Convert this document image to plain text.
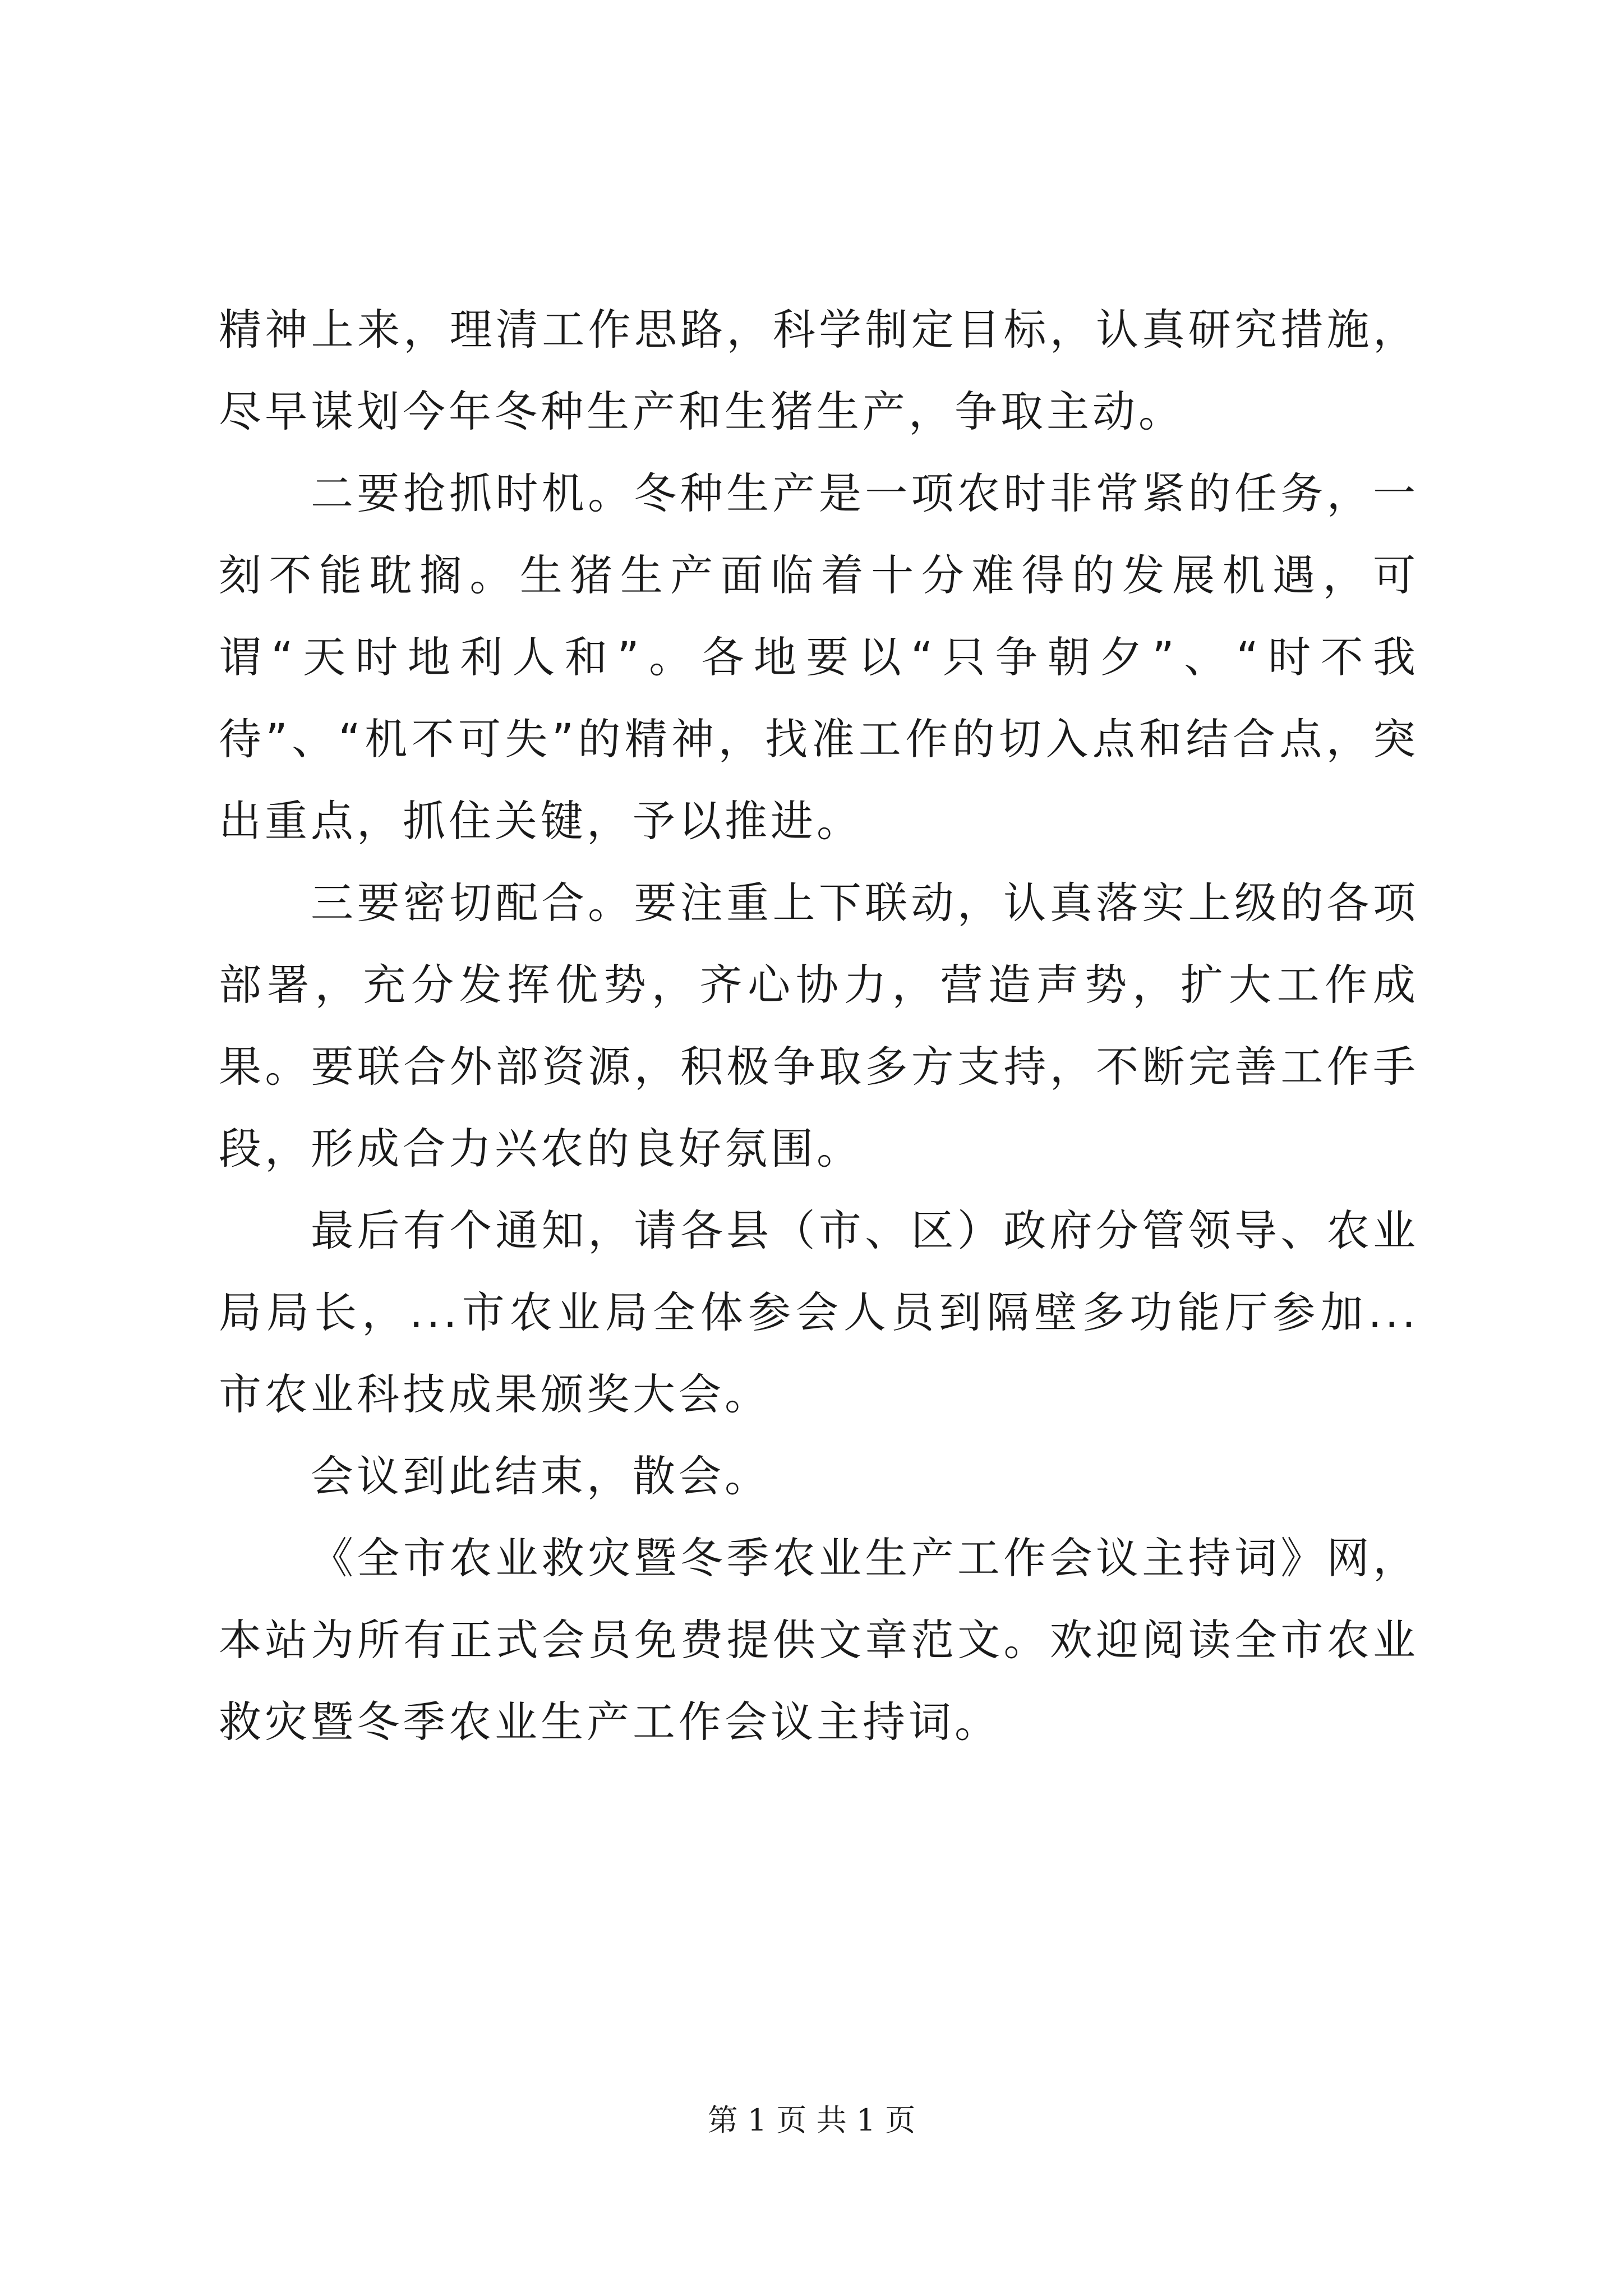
精神上来，理清工作思路，科学制定目标，认真研究措施，尽早谋划今年冬种生产和生猪生产，争取主动。

二要抢抓时机。冬种生产是一项农时非常紧的任务，一刻不能耽搁。生猪生产面临着十分难得的发展机遇，可谓“天时地利人和”。各地要以“只争朝夕”、“时不我待”、“机不可失”的精神，找准工作的切入点和结合点，突出重点，抓住关键，予以推进。

三要密切配合。要注重上下联动，认真落实上级的各项部署，充分发挥优势，齐心协力，营造声势，扩大工作成果。要联合外部资源，积极争取多方支持，不断完善工作手段，形成合力兴农的良好氛围。

最后有个通知，请各县（市、区）政府分管领导、农业局局长，...市农业局全体参会人员到隔壁多功能厅参加...市农业科技成果颁奖大会。

会议到此结束，散会。

《全市农业救灾暨冬季农业生产工作会议主持词》网，本站为所有正式会员免费提供文章范文。欢迎阅读全市农业救灾暨冬季农业生产工作会议主持词。

第 1 页 共 1 页
